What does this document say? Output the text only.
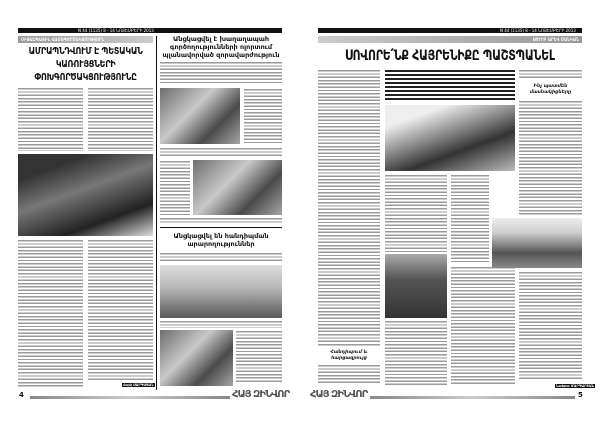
N 44 (1135) 8 - 14 ՆՈՅԵՄԲԵՐԻ 2013
ՄԻՋԱԶԳԱՅԻՆ ՀԱՄԱԳՈՐԾԱԿՑՈՒԹՅՈՒՆ
ԱՄՐԱՊՆԴՎՈՒՄ Է ՊԵՏԱԿԱՆ ԿԱՌՈՒՅՑՆԵՐԻ ՓՈԽԳՈՐԾԱԿՑՈՒԹՅՈՒՆԸ
Հայկ ՍԱՐԳՍՅԱՆ
Անցկացվել է խաղաղապահ գործողությունների ոլորտում պլանավորված զորավարժություն
Անցկացվել են հանդիպման արարողություններ
4	ՀԱՅ ԶԻՆՎՈՐ
N 44 (1135) 8 - 14 ՆՈՅԵՄԲԵՐԻ 2013
ՍՈՒՐԲ ԱՐԵՎ ՄԱՆԿԱՆ
ՍՈՎՈՐԵ՛ՆՔ ՀԱՅՐԵՆԻՔԸ ՊԱՇՏՊԱՆԵԼ
Հանդիպում և հարցազրույց
Ինչ պատմեն մասնակիցները
Նաիրա ՄԱՐԳԱՐՅԱՆ
ՀԱՅ ԶԻՆՎՈՐ	5
